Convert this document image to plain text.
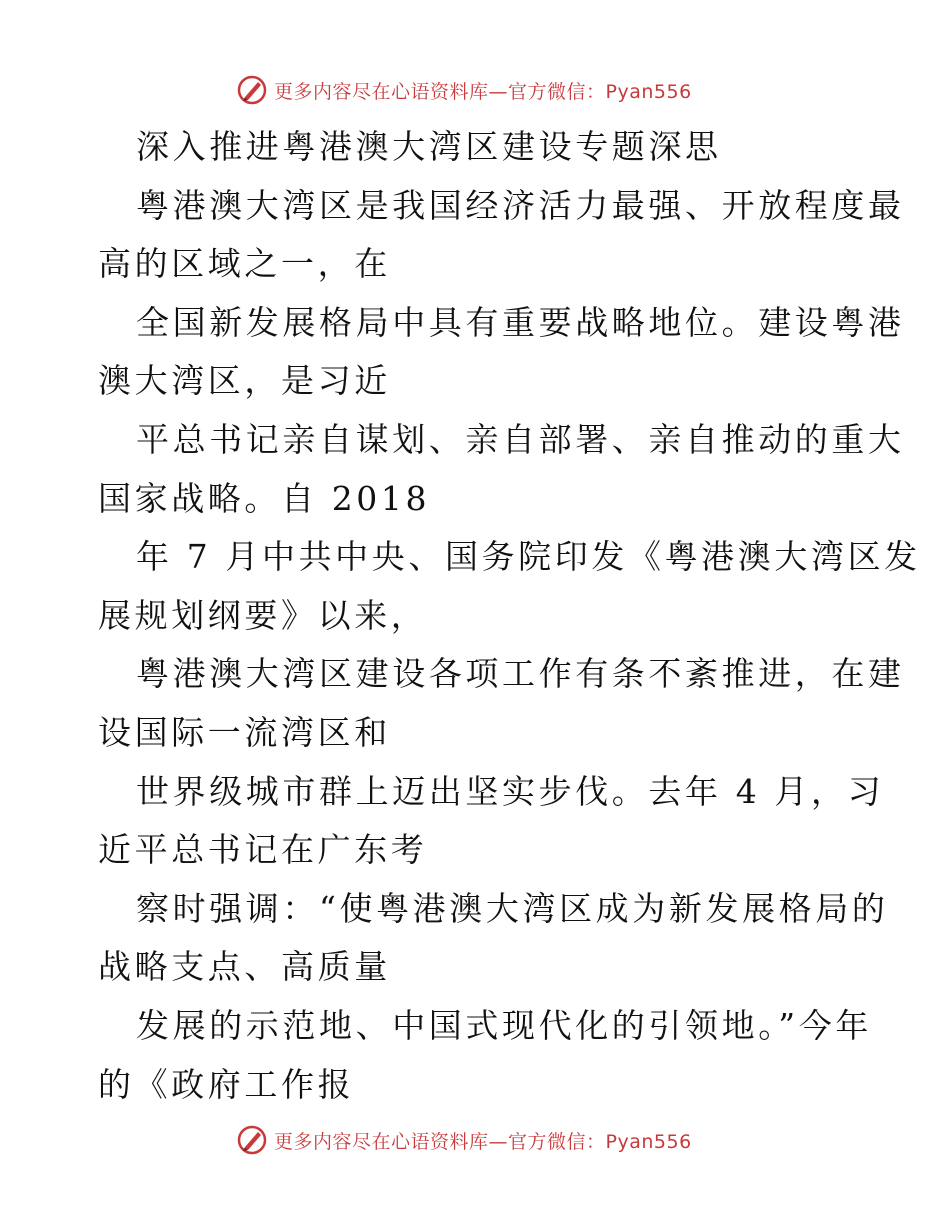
更多内容尽在心语资料库—官方微信：Pyan556
深入推进粤港澳大湾区建设专题深思
粤港澳大湾区是我国经济活力最强、开放程度最
高的区域之一，在
全国新发展格局中具有重要战略地位。建设粤港
澳大湾区，是习近
平总书记亲自谋划、亲自部署、亲自推动的重大
国家战略。自 2018
年 7 月中共中央、国务院印发《粤港澳大湾区发
展规划纲要》以来，
粤港澳大湾区建设各项工作有条不紊推进，在建
设国际一流湾区和
世界级城市群上迈出坚实步伐。去年 4 月，习
近平总书记在广东考
察时强调：“使粤港澳大湾区成为新发展格局的
战略支点、高质量
发展的示范地、中国式现代化的引领地。”今年
的《政府工作报
更多内容尽在心语资料库—官方微信：Pyan556
